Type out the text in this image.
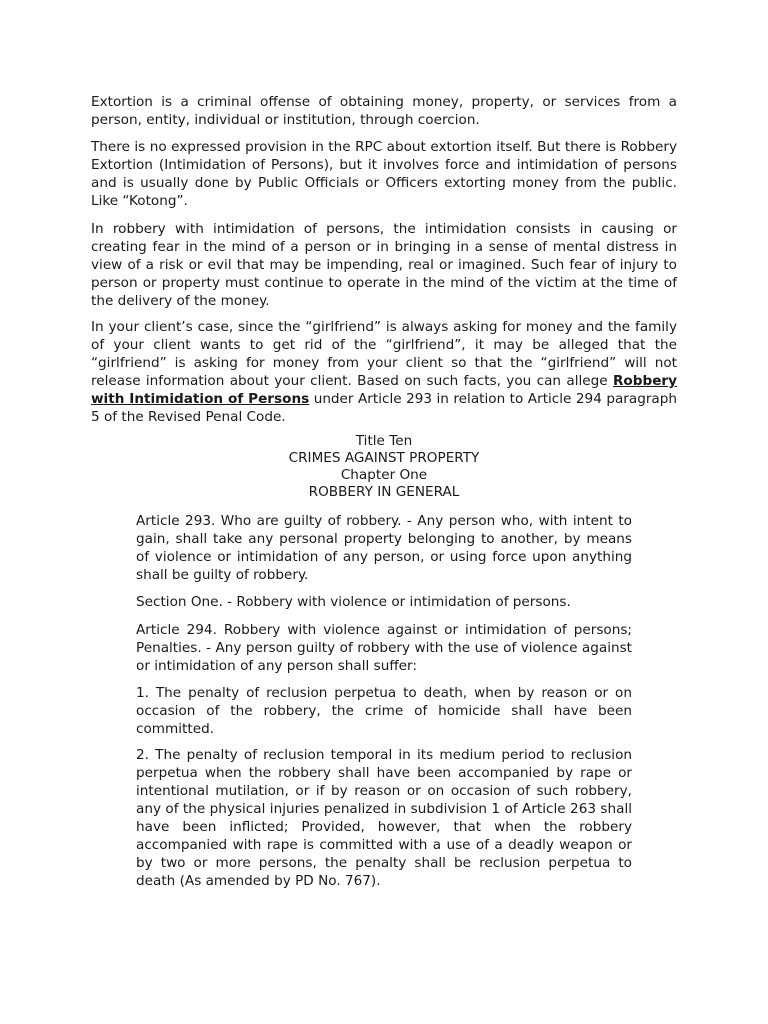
Extortion is a criminal offense of obtaining money, property, or services from a person, entity, individual or institution, through coercion.

There is no expressed provision in the RPC about extortion itself. But there is Robbery Extortion (Intimidation of Persons), but it involves force and intimidation of persons and is usually done by Public Officials or Officers extorting money from the public. Like “Kotong”.

In robbery with intimidation of persons, the intimidation consists in causing or creating fear in the mind of a person or in bringing in a sense of mental distress in view of a risk or evil that may be impending, real or imagined. Such fear of injury to person or property must continue to operate in the mind of the victim at the time of the delivery of the money.

In your client’s case, since the “girlfriend” is always asking for money and the family of your client wants to get rid of the “girlfriend”, it may be alleged that the “girlfriend” is asking for money from your client so that the “girlfriend” will not release information about your client. Based on such facts, you can allege Robbery with Intimidation of Persons under Article 293 in relation to Article 294 paragraph 5 of the Revised Penal Code.

Title Ten
CRIMES AGAINST PROPERTY
Chapter One
ROBBERY IN GENERAL

Article 293. Who are guilty of robbery. - Any person who, with intent to gain, shall take any personal property belonging to another, by means of violence or intimidation of any person, or using force upon anything shall be guilty of robbery.

Section One. - Robbery with violence or intimidation of persons.

Article 294. Robbery with violence against or intimidation of persons; Penalties. - Any person guilty of robbery with the use of violence against or intimidation of any person shall suffer:

1. The penalty of reclusion perpetua to death, when by reason or on occasion of the robbery, the crime of homicide shall have been committed.

2. The penalty of reclusion temporal in its medium period to reclusion perpetua when the robbery shall have been accompanied by rape or intentional mutilation, or if by reason or on occasion of such robbery, any of the physical injuries penalized in subdivision 1 of Article 263 shall have been inflicted; Provided, however, that when the robbery accompanied with rape is committed with a use of a deadly weapon or by two or more persons, the penalty shall be reclusion perpetua to death (As amended by PD No. 767).
